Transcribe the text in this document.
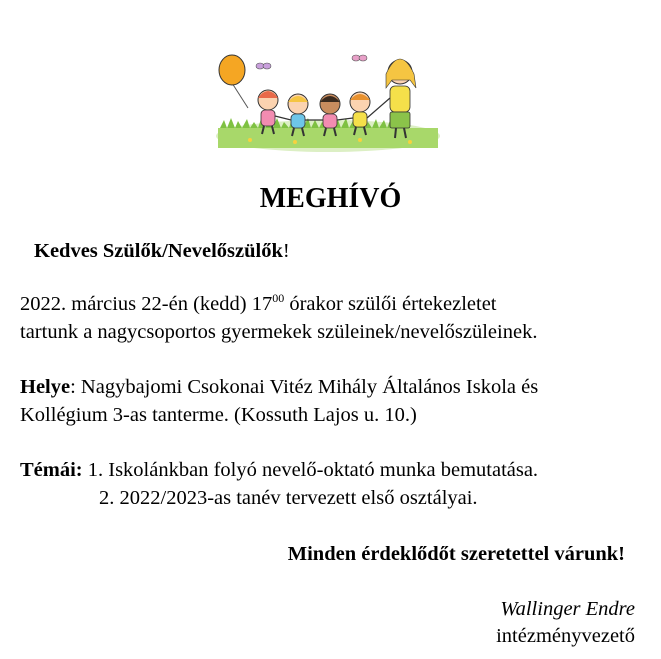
MEGHÍVÓ
Kedves Szülők/Nevelőszülők!
2022. március 22-én (kedd) $17^{00}$ órakor szülői értekezletet
tartunk a nagycsoportos gyermekek szüleinek/nevelőszüleinek.
Helye: Nagybajomi Csokonai Vitéz Mihály Általános Iskola és
Kollégium 3-as tanterme. (Kossuth Lajos u. 10.)
Témái: 1. Iskolánkban folyó nevelő-oktató munka bemutatása.
2. 2022/2023-as tanév tervezett első osztályai.
Minden érdeklődőt szeretettel várunk!
Wallinger Endre
intézményvezető
